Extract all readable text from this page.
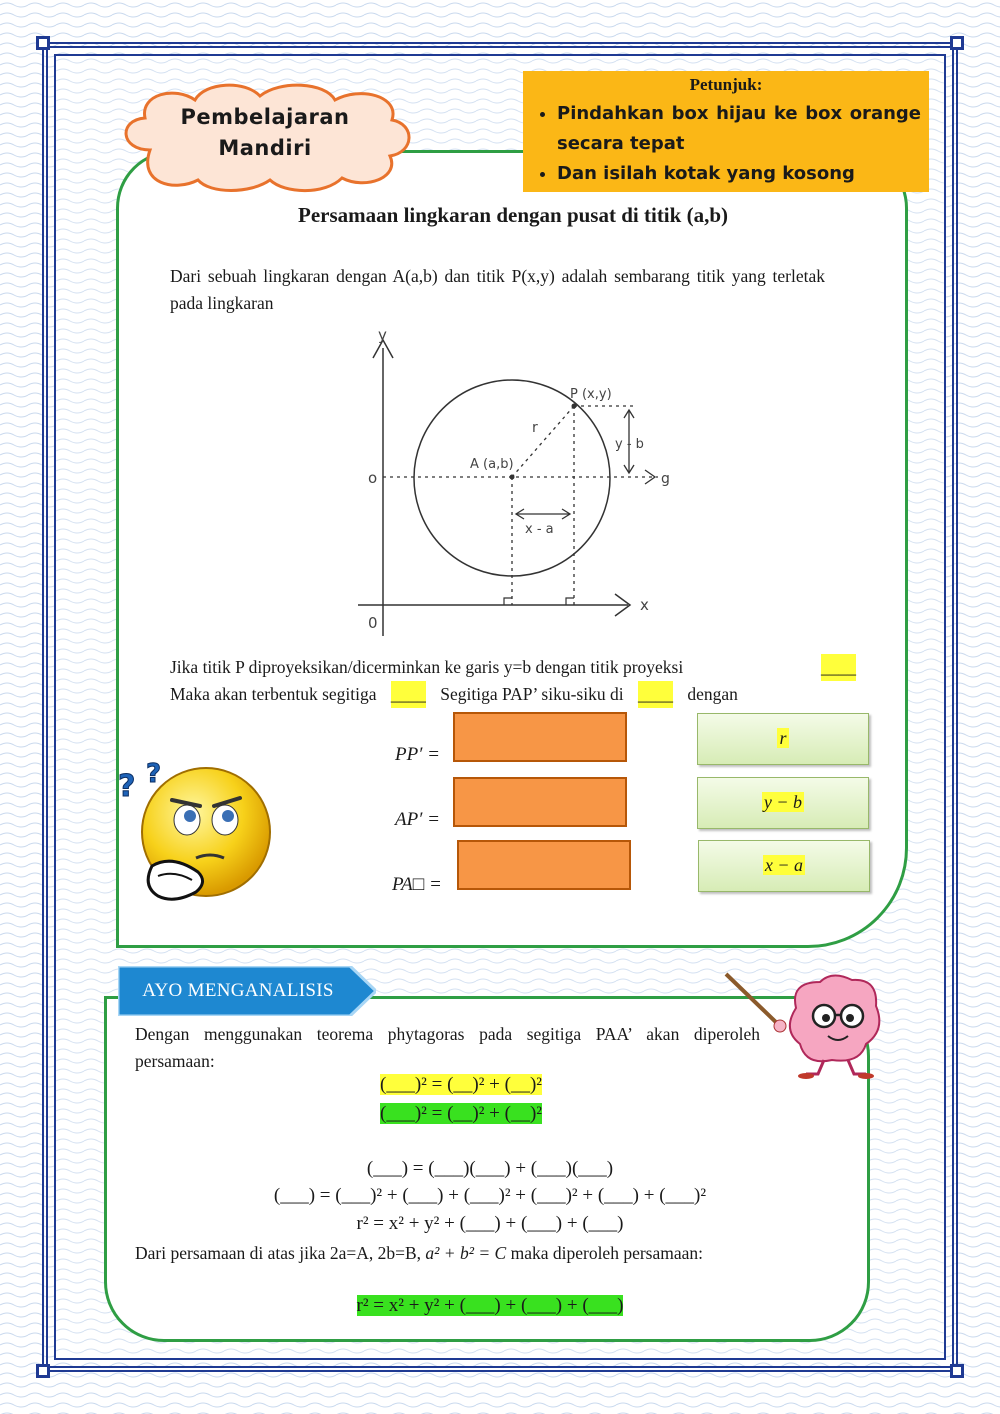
Pembelajaran
Mandiri
Petunjuk:
• Pindahkan box hijau ke box orange secara tepat
• Dan isilah kotak yang kosong
Persamaan lingkaran dengan pusat di titik (a,b)
Dari sebuah lingkaran dengan A(a,b) dan titik P(x,y) adalah sembarang titik yang terletak pada lingkaran
y
x
0
o
A (a,b)
P (x,y)
r
y - b
x - a
g
Jika titik P diproyeksikan/dicerminkan ke garis y=b dengan titik proyeksi	____
Maka akan terbentuk segitiga ____ Segitiga PAP’ siku-siku di ____ dengan
PP′ =
AP′ =
PA□ =
r
y − b
x − a
? ?
AYO MENGANALISIS
Dengan menggunakan teorema phytagoras pada segitiga PAA’ akan diperoleh persamaan:
(___)² = (__)² + (__)²
(___)² = (__)² + (__)²
(___) = (___)(___) + (___)(___)
(___) = (___)² + (___) + (___)² + (___)² + (___) + (___)²
r² = x² + y² + (___) + (___) + (___)
Dari persamaan di atas jika 2a=A, 2b=B, a² + b² = C maka diperoleh persamaan:
r² = x² + y² + (___) + (___) + (___)
